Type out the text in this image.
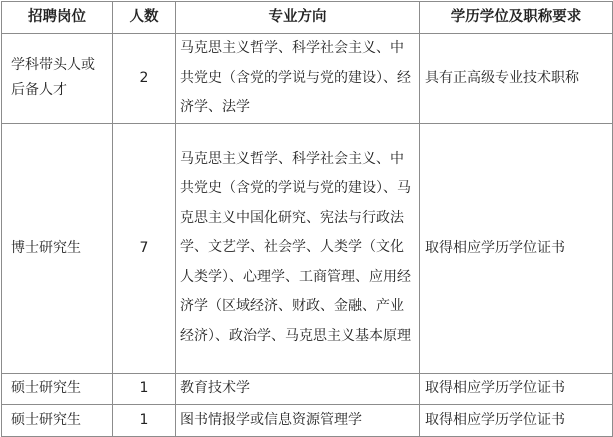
招聘岗位	人数	专业方向	学历学位及职称要求
学科带头人或后备人才	2	马克思主义哲学、科学社会主义、中共党史（含党的学说与党的建设）、经济学、法学	具有正高级专业技术职称
博士研究生	7	马克思主义哲学、科学社会主义、中共党史（含党的学说与党的建设）、马克思主义中国化研究、宪法与行政法学、文艺学、社会学、人类学（文化人类学）、心理学、工商管理、应用经济学（区域经济、财政、金融、产业经济）、政治学、马克思主义基本原理	取得相应学历学位证书
硕士研究生	1	教育技术学	取得相应学历学位证书
硕士研究生	1	图书情报学或信息资源管理学	取得相应学历学位证书
